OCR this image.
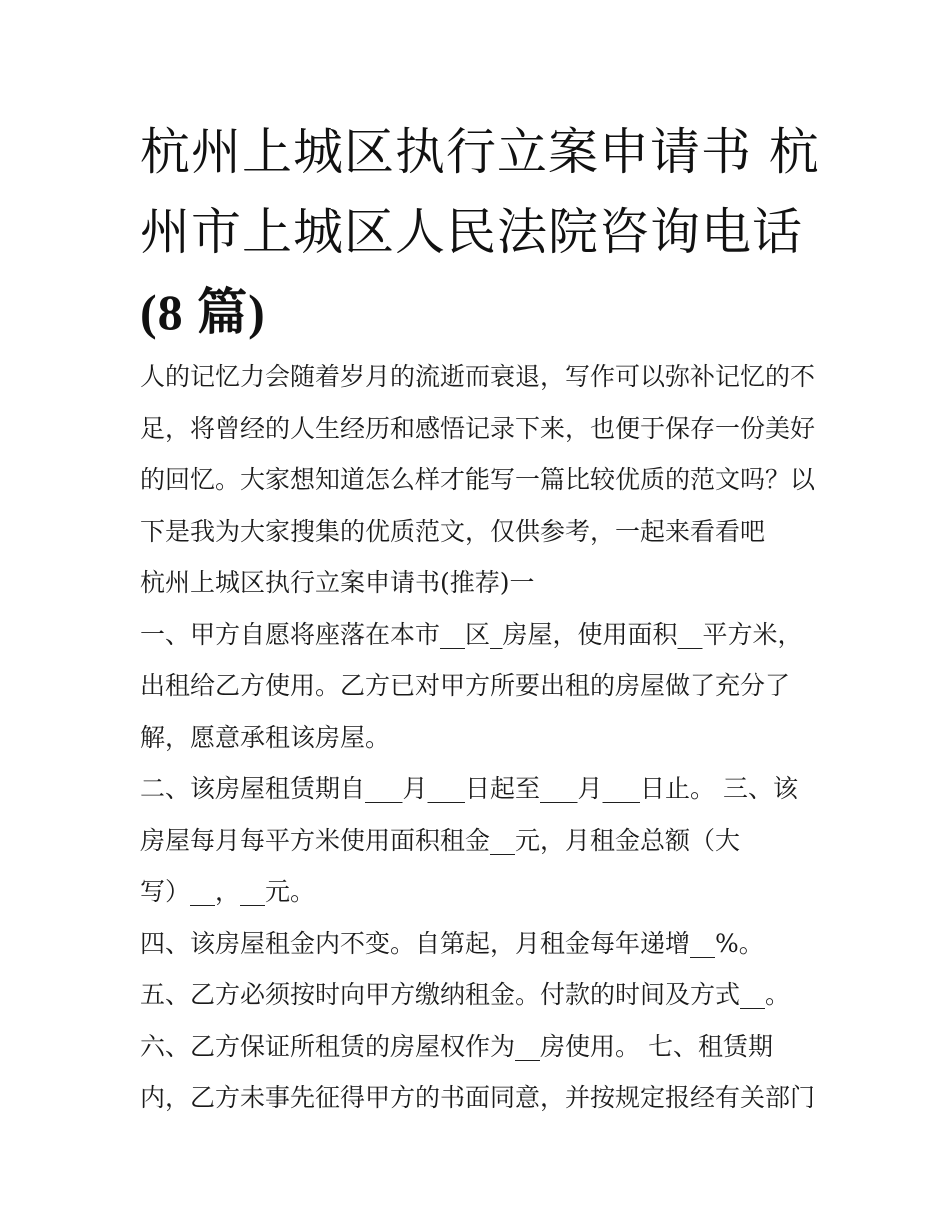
杭州上城区执行立案申请书 杭
州市上城区人民法院咨询电话
(8 篇)
人的记忆力会随着岁月的流逝而衰退，写作可以弥补记忆的不
足，将曾经的人生经历和感悟记录下来，也便于保存一份美好
的回忆。大家想知道怎么样才能写一篇比较优质的范文吗？以
下是我为大家搜集的优质范文，仅供参考，一起来看看吧
杭州上城区执行立案申请书(推荐)一
一、甲方自愿将座落在本市__区_房屋，使用面积__平方米，
出租给乙方使用。乙方已对甲方所要出租的房屋做了充分了
解，愿意承租该房屋。
二、该房屋租赁期自___月___日起至___月___日止。 三、该
房屋每月每平方米使用面积租金__元，月租金总额（大
写）__，__元。
四、该房屋租金内不变。自第起，月租金每年递增__%。
五、乙方必须按时向甲方缴纳租金。付款的时间及方式__。
六、乙方保证所租赁的房屋权作为__房使用。 七、租赁期
内，乙方未事先征得甲方的书面同意，并按规定报经有关部门
